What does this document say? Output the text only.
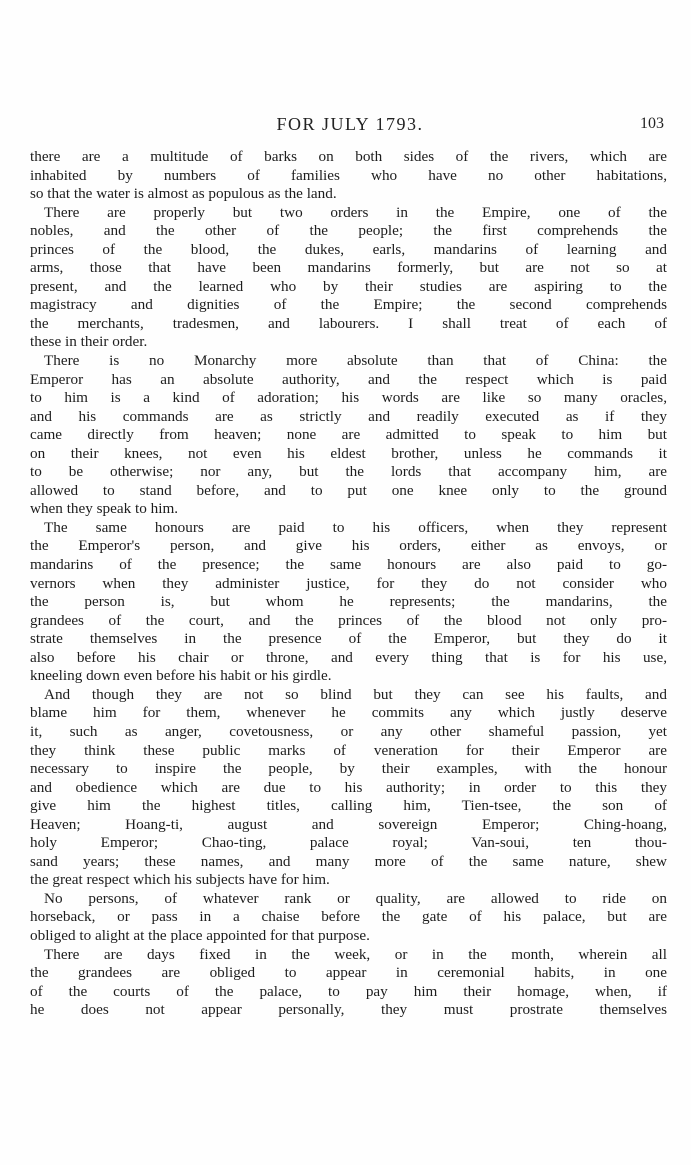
FOR JULY 1793.	103
there are a multitude of barks on both sides of the rivers, which are
inhabited by numbers of families who have no other habitations,
so that the water is almost as populous as the land.
There are properly but two orders in the Empire, one of the
nobles, and the other of the people; the first comprehends the
princes of the blood, the dukes, earls, mandarins of learning and
arms, those that have been mandarins formerly, but are not so at
present, and the learned who by their studies are aspiring to the
magistracy and dignities of the Empire; the second comprehends
the merchants, tradesmen, and labourers. I shall treat of each of
these in their order.
There is no Monarchy more absolute than that of China: the
Emperor has an absolute authority, and the respect which is paid
to him is a kind of adoration; his words are like so many oracles,
and his commands are as strictly and readily executed as if they
came directly from heaven; none are admitted to speak to him but
on their knees, not even his eldest brother, unless he commands it
to be otherwise; nor any, but the lords that accompany him, are
allowed to stand before, and to put one knee only to the ground
when they speak to him.
The same honours are paid to his officers, when they represent
the Emperor's person, and give his orders, either as envoys, or
mandarins of the presence; the same honours are also paid to go-
vernors when they administer justice, for they do not consider who
the person is, but whom he represents; the mandarins, the
grandees of the court, and the princes of the blood not only pro-
strate themselves in the presence of the Emperor, but they do it
also before his chair or throne, and every thing that is for his use,
kneeling down even before his habit or his girdle.
And though they are not so blind but they can see his faults, and
blame him for them, whenever he commits any which justly deserve
it, such as anger, covetousness, or any other shameful passion, yet
they think these public marks of veneration for their Emperor are
necessary to inspire the people, by their examples, with the honour
and obedience which are due to his authority; in order to this they
give him the highest titles, calling him, Tien-tsee, the son of
Heaven; Hoang-ti, august and sovereign Emperor; Ching-hoang,
holy Emperor; Chao-ting, palace royal; Van-soui, ten thou-
sand years; these names, and many more of the same nature, shew
the great respect which his subjects have for him.
No persons, of whatever rank or quality, are allowed to ride on
horseback, or pass in a chaise before the gate of his palace, but are
obliged to alight at the place appointed for that purpose.
There are days fixed in the week, or in the month, wherein all
the grandees are obliged to appear in ceremonial habits, in one
of the courts of the palace, to pay him their homage, when, if
he does not appear personally, they must prostrate themselves
